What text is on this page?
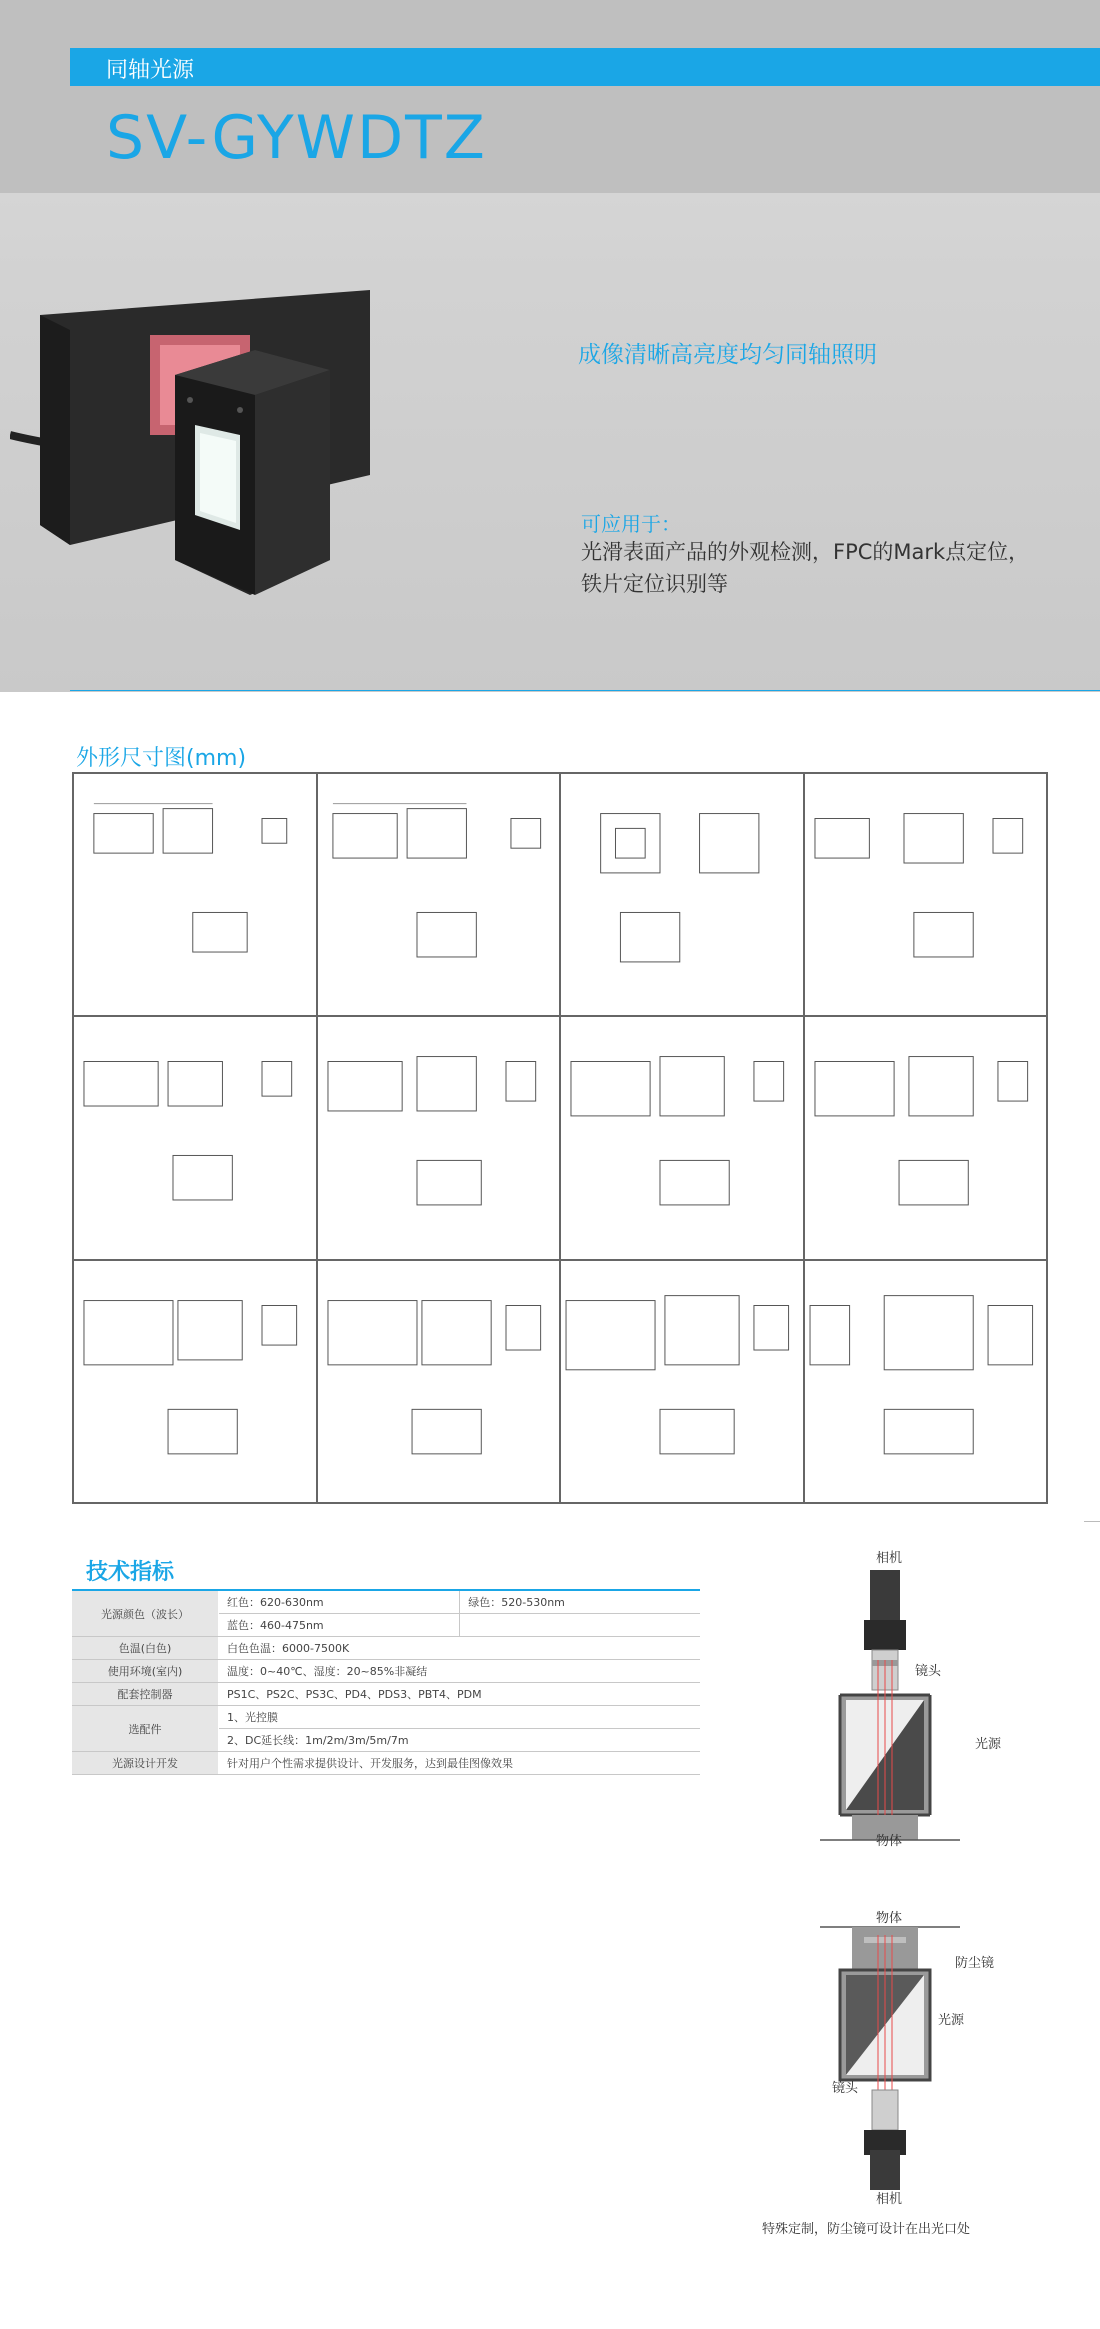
同轴光源
SV-GYWDTZ
成像清晰高亮度均匀同轴照明
可应用于：
光滑表面产品的外观检测，FPC的Mark点定位，铁片定位识别等
外形尺寸图(mm)
技术指标
光源颜色（波长）	红色：620-630nm	绿色：520-530nm
	蓝色：460-475nm	
色温(白色)	白色色温：6000-7500K	
使用环境(室内)	温度：0~40℃、湿度：20~85%非凝结	
配套控制器	PS1C、PS2C、PS3C、PD4、PDS3、PBT4、PDM	
选配件	1、光控膜	
	2、DC延长线：1m/2m/3m/5m/7m	
光源设计开发	针对用户个性需求提供设计、开发服务，达到最佳图像效果	
相机
镜头
光源
物体
物体
防尘镜
光源
镜头
相机
特殊定制，防尘镜可设计在出光口处
